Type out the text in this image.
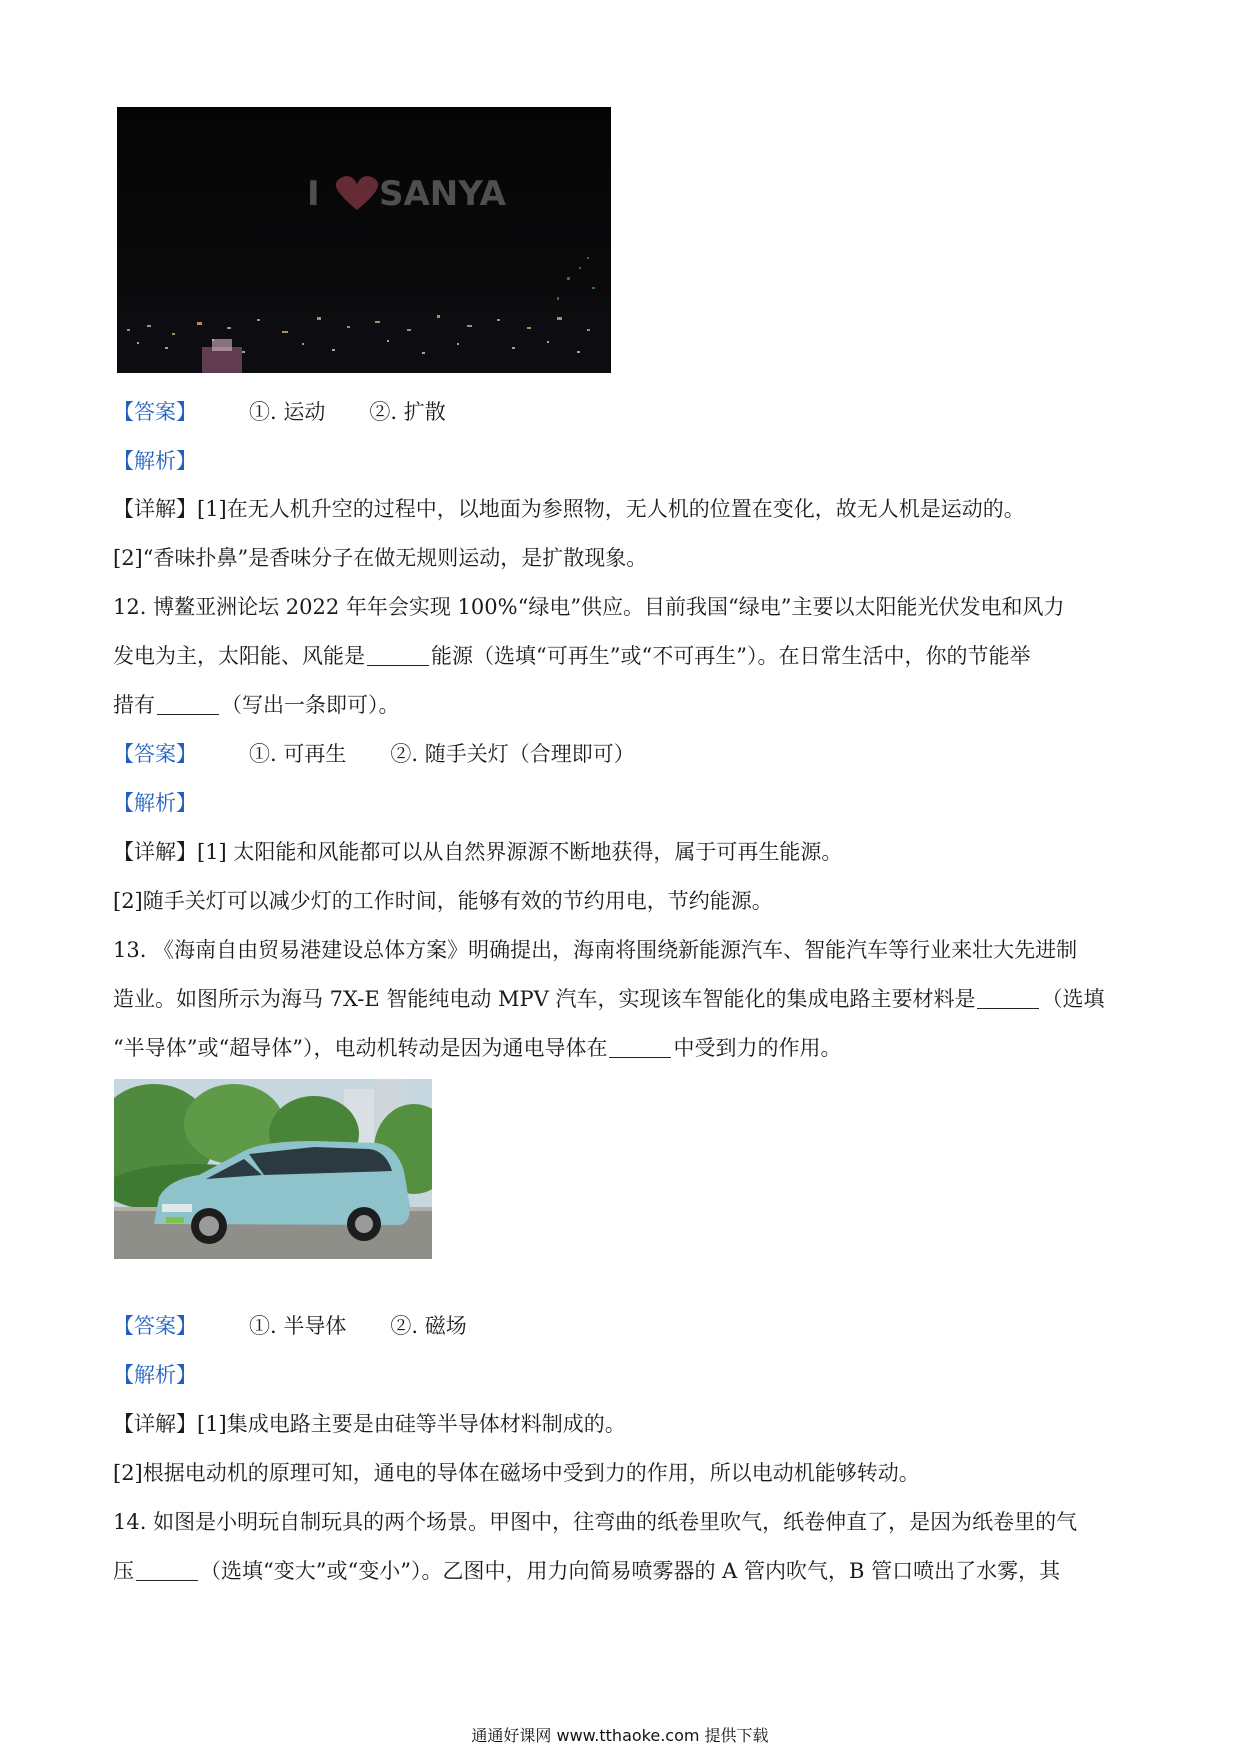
I SANYA
【答案】 ①. 运动 ②. 扩散
【解析】
【详解】[1]在无人机升空的过程中，以地面为参照物，无人机的位置在变化，故无人机是运动的。
[2]“香味扑鼻”是香味分子在做无规则运动，是扩散现象。
12. 博鳌亚洲论坛 2022 年年会实现 100%“绿电”供应。目前我国“绿电”主要以太阳能光伏发电和风力
发电为主，太阳能、风能是	能源（选填“可再生”或“不可再生”）。在日常生活中，你的节能举
措有	（写出一条即可）。
【答案】 ①. 可再生 ②. 随手关灯（合理即可）
【解析】
【详解】[1] 太阳能和风能都可以从自然界源源不断地获得，属于可再生能源。
[2]随手关灯可以减少灯的工作时间，能够有效的节约用电，节约能源。
13. 《海南自由贸易港建设总体方案》明确提出，海南将围绕新能源汽车、智能汽车等行业来壮大先进制
造业。如图所示为海马 7X-E 智能纯电动 MPV 汽车，实现该车智能化的集成电路主要材料是	（选填
“半导体”或“超导体”），电动机转动是因为通电导体在	中受到力的作用。
【答案】 ①. 半导体 ②. 磁场
【解析】
【详解】[1]集成电路主要是由硅等半导体材料制成的。
[2]根据电动机的原理可知，通电的导体在磁场中受到力的作用，所以电动机能够转动。
14. 如图是小明玩自制玩具的两个场景。甲图中，往弯曲的纸卷里吹气，纸卷伸直了，是因为纸卷里的气
压	（选填“变大”或“变小”）。乙图中，用力向简易喷雾器的 A 管内吹气，B 管口喷出了水雾，其
通通好课网 www.tthaoke.com 提供下载
